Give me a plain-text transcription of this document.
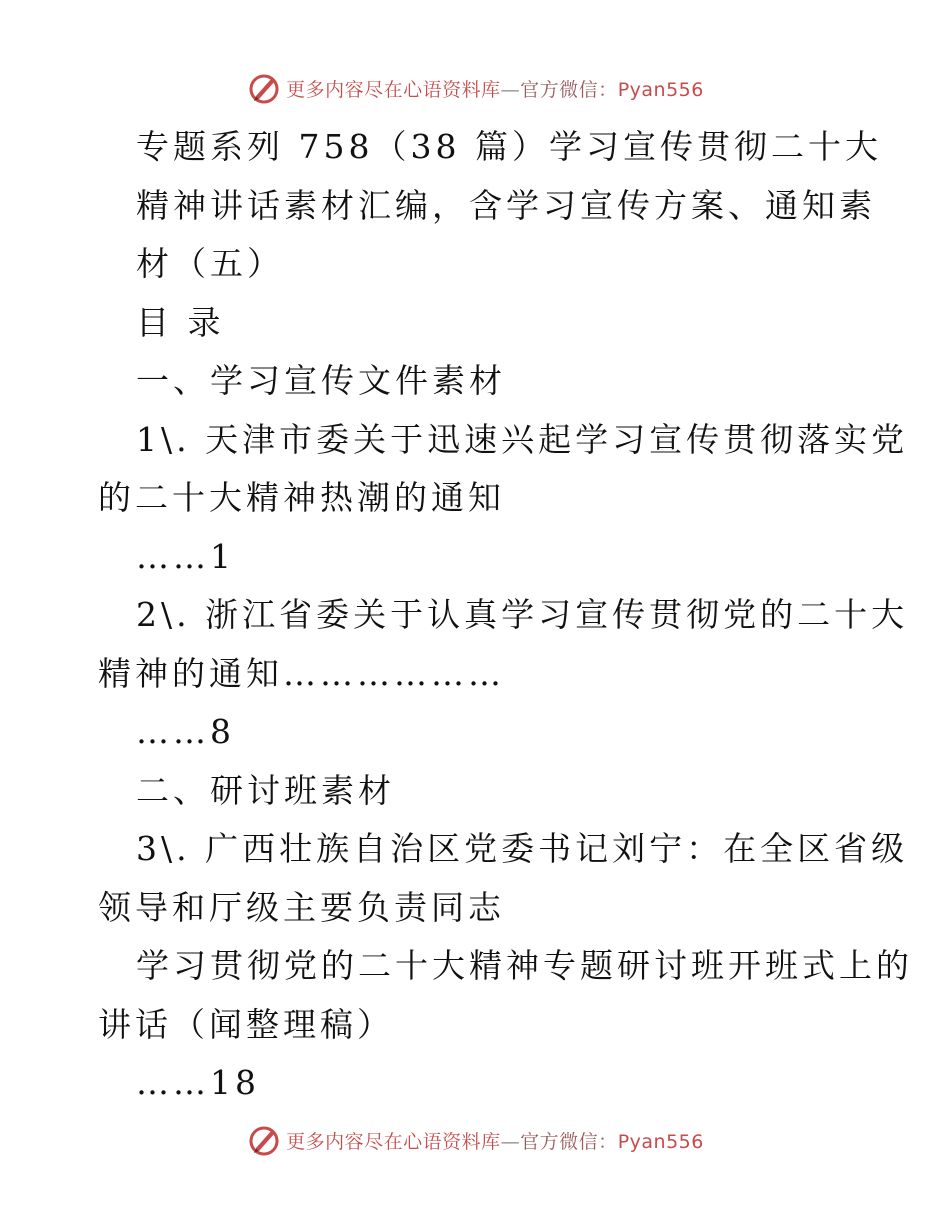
更多内容尽在心语资料库—官方微信：Pyan556

专题系列 758（38 篇）学习宣传贯彻二十大

精神讲话素材汇编，含学习宣传方案、通知素

材（五）

目 录

一、学习宣传文件素材

1\. 天津市委关于迅速兴起学习宣传贯彻落实党

的二十大精神热潮的通知

……1

2\. 浙江省委关于认真学习宣传贯彻党的二十大

精神的通知………………

……8

二、研讨班素材

3\. 广西壮族自治区党委书记刘宁：在全区省级

领导和厅级主要负责同志

学习贯彻党的二十大精神专题研讨班开班式上的

讲话（闻整理稿）

……18

更多内容尽在心语资料库—官方微信：Pyan556
